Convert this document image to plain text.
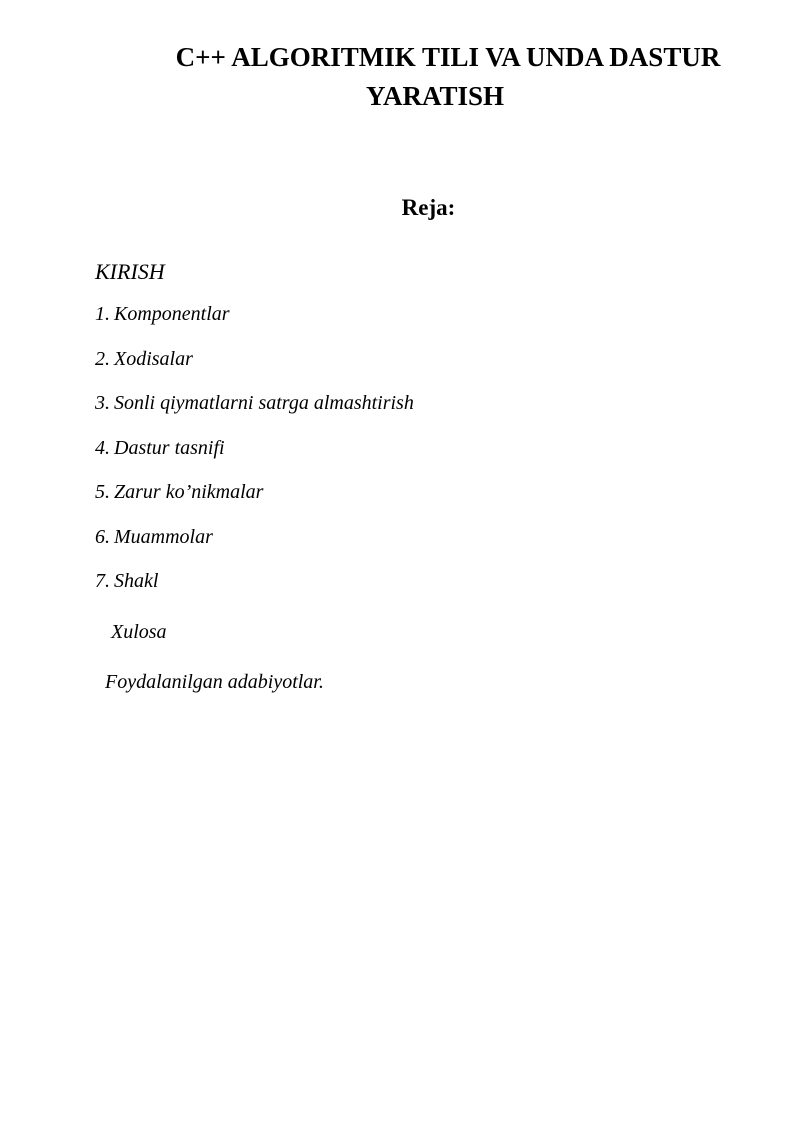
C++ ALGORITMIK TILI VA UNDA DASTUR
YARATISH
Reja:
KIRISH
1. Komponentlar
2. Xodisalar
3. Sonli qiymatlarni satrga almashtirish
4. Dastur tasnifi
5. Zarur ko’nikmalar
6. Muammolar
7. Shakl
Xulosa
Foydalanilgan adabiyotlar.
